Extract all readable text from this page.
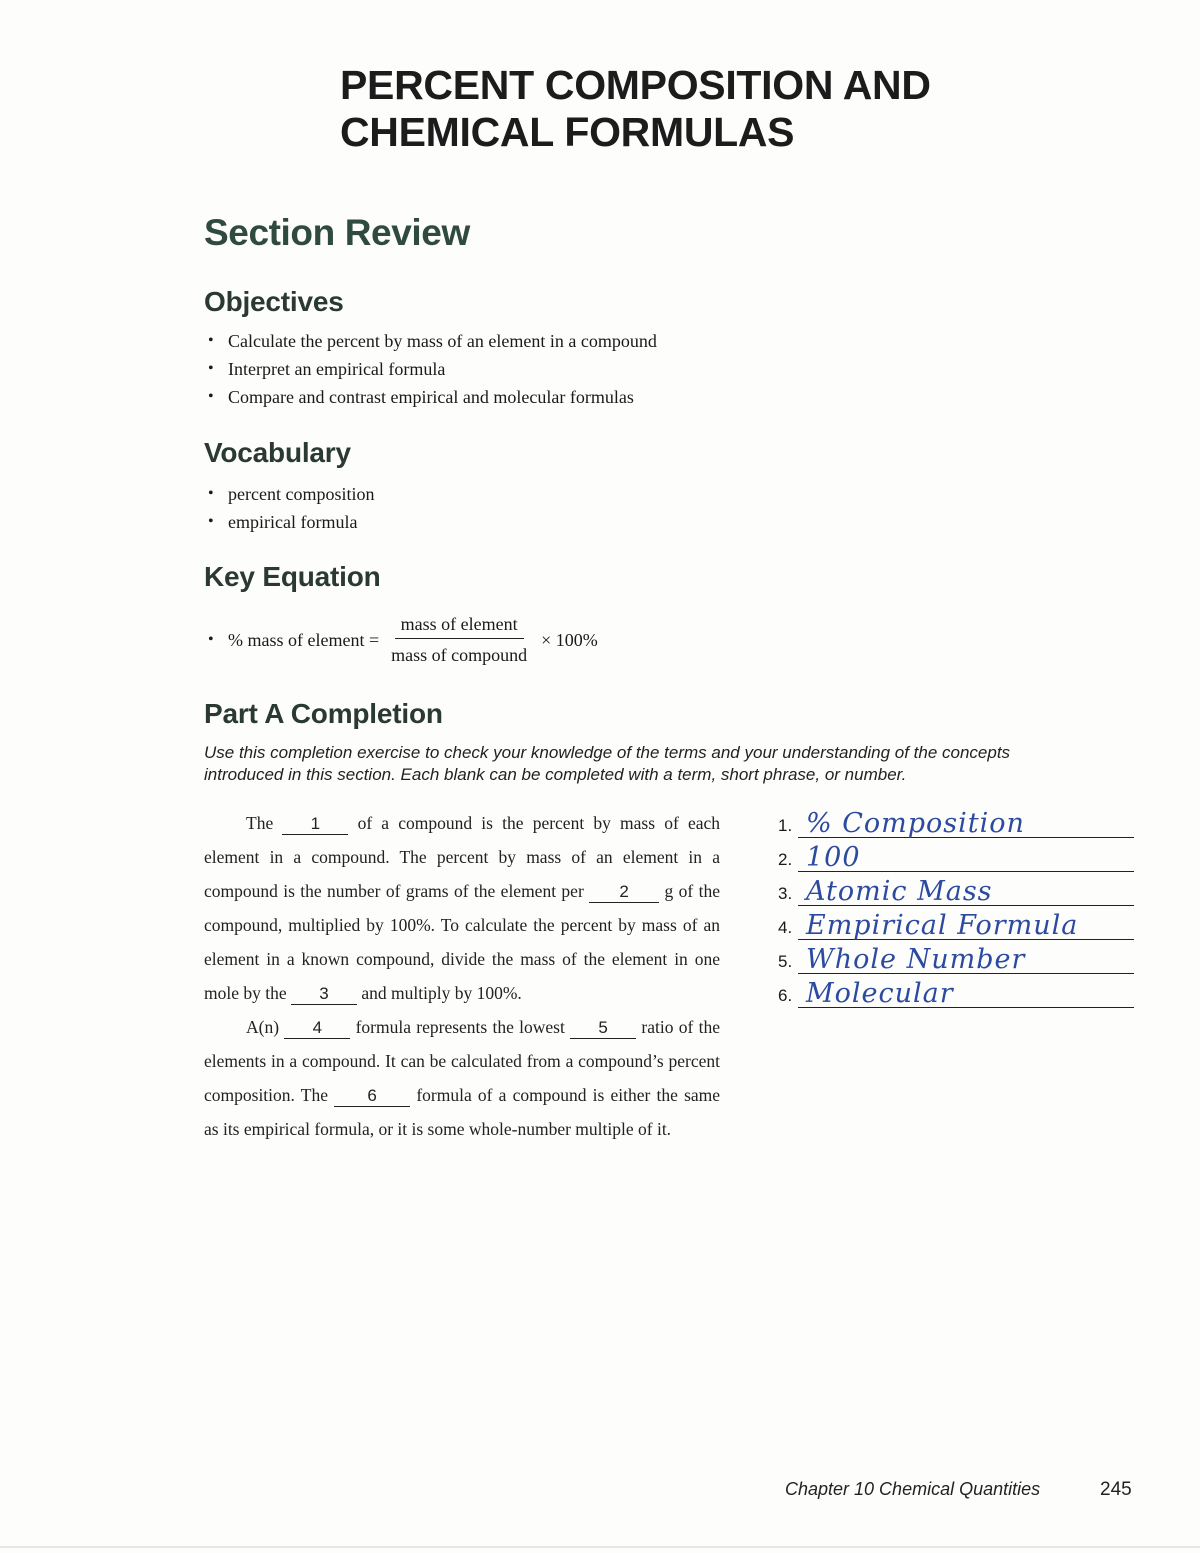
PERCENT COMPOSITION AND
CHEMICAL FORMULAS
Section Review
Objectives
• Calculate the percent by mass of an element in a compound
• Interpret an empirical formula
• Compare and contrast empirical and molecular formulas
Vocabulary
• percent composition
• empirical formula
Key Equation
• % mass of element = $\frac{\text{mass of element}}{\text{mass of compound}} \times 100\%$
Part A Completion
Use this completion exercise to check your knowledge of the terms and your understanding of the concepts introduced in this section. Each blank can be completed with a term, short phrase, or number.

The 1 of a compound is the percent by mass of each element in a compound. The percent by mass of an element in a compound is the number of grams of the element per 2 g of the compound, multiplied by 100%. To calculate the percent by mass of an element in a known compound, divide the mass of the element in one mole by the 3 and multiply by 100%.

A(n) 4 formula represents the lowest 5 ratio of the elements in a compound. It can be calculated from a compound’s percent composition. The 6 formula of a compound is either the same as its empirical formula, or it is some whole-number multiple of it.

1. % Composition
2. 100
3. Atomic Mass
4. Empirical Formula
5. Whole Number
6. Molecular
Chapter 10 Chemical Quantities	245
